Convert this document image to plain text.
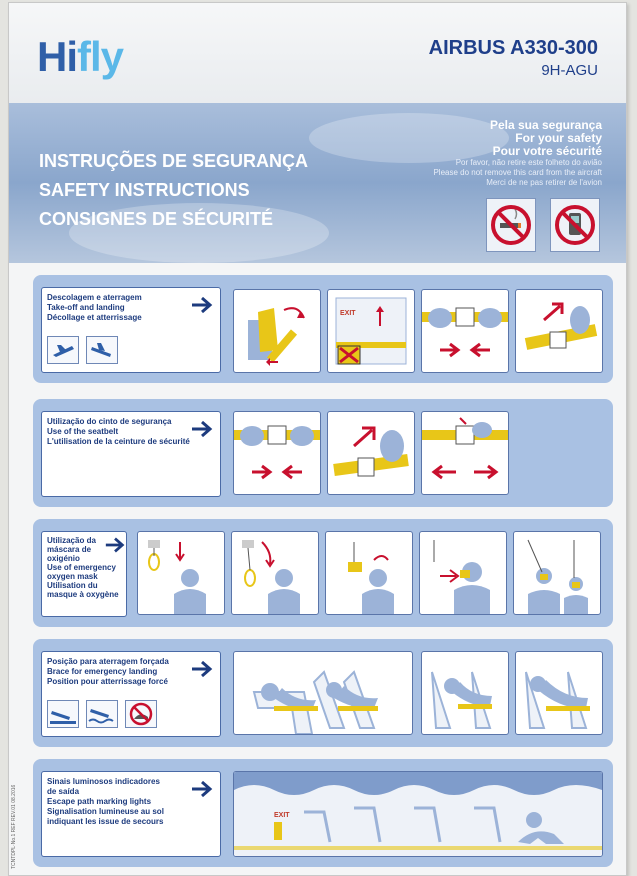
Hifly	AIRBUS A330-300
9H-AGU
INSTRUÇÕES DE SEGURANÇA
SAFETY INSTRUCTIONS
CONSIGNES DE SÉCURITÉ
Pela sua segurança
For your safety
Pour votre sécurité
Por favor, não retire este folheto do avião
Please do not remove this card from the aircraft
Merci de ne pas retirer de l'avion

Descolagem e aterragem
Take-off and landing
Décollage et atterrissage
	EXIT
Utilização do cinto de segurança
Use of the seatbelt
L'utilisation de la ceinture de sécurité
Utilização da
máscara de
oxigénio
Use of emergency
oxygen mask
Utilisation du
masque à oxygène
Posição para aterragem forçada
Brace for emergency landing
Position pour atterrissage forcé

Sinais luminosos indicadores
de saída
Escape path marking lights
Signalisation lumineuse au sol
indiquant les issue de secours
EXIT
TCNTDPL·No.1 REF REV.01 08.2016
